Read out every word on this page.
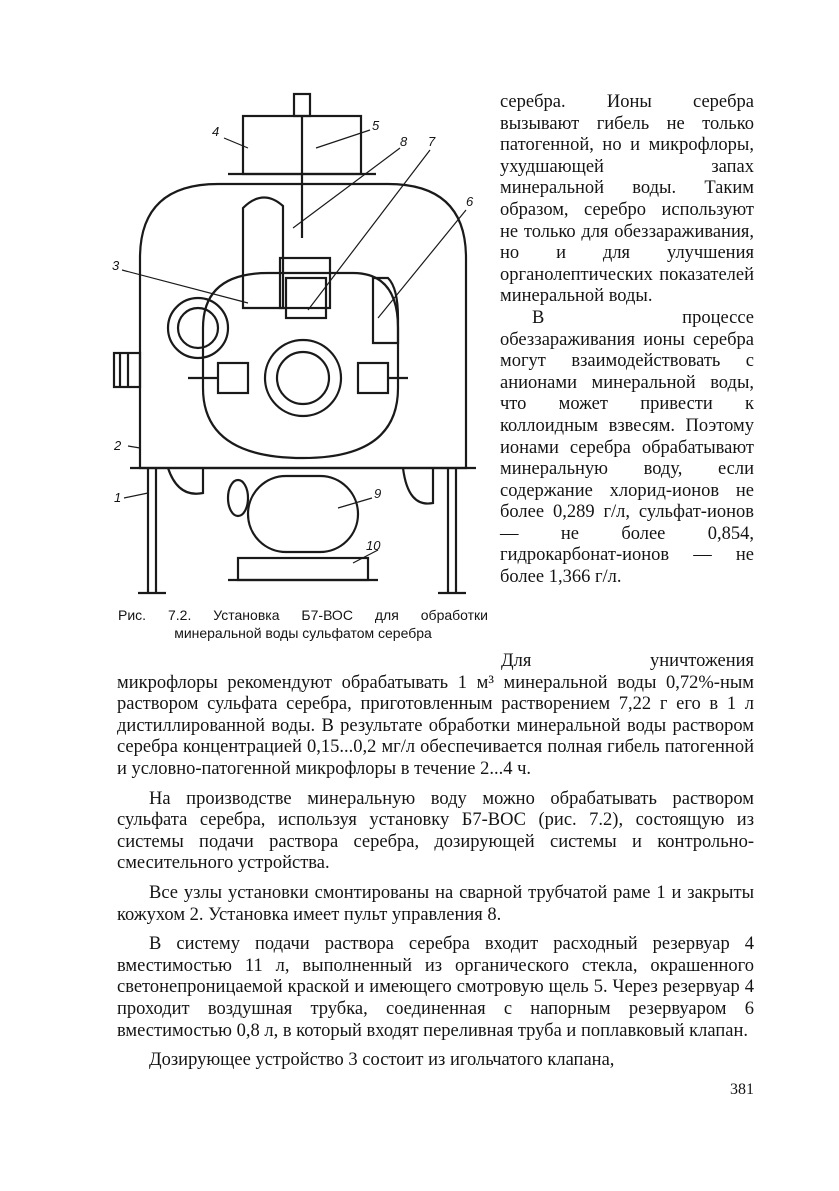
4	5
8 7
6
3
2
1	9
10
Рис. 7.2. Установка Б7-ВОС для обработки минеральной воды сульфатом серебра

серебра. Ионы серебра вызывают гибель не только патогенной, но и микрофлоры, ухудшающей запах минеральной воды. Таким образом, серебро используют не только для обеззараживания, но и для улучшения органолептических показателей минеральной воды.

В процессе обеззараживания ионы серебра могут взаимодействовать с анионами минеральной воды, что может привести к коллоидным взвесям. Поэтому ионами серебра обрабатывают минеральную воду, если содержание хлорид-ионов не более 0,289 г/л, сульфат-ионов — не более 0,854, гидрокарбонат-ионов — не более 1,366 г/л.

Для уничтожения
микрофлоры рекомендуют обрабатывать 1 м³ минеральной воды 0,72%-ным раствором сульфата серебра, приготовленным растворением 7,22 г его в 1 л дистиллированной воды. В результате обработки минеральной воды раствором серебра концентрацией 0,15...0,2 мг/л обеспечивается полная гибель патогенной и условно-патогенной микрофлоры в течение 2...4 ч.

На производстве минеральную воду можно обрабатывать раствором сульфата серебра, используя установку Б7-ВОС (рис. 7.2), состоящую из системы подачи раствора серебра, дозирующей системы и контрольно-смесительного устройства.

Все узлы установки смонтированы на сварной трубчатой раме 1 и закрыты кожухом 2. Установка имеет пульт управления 8.

В систему подачи раствора серебра входит расходный резервуар 4 вместимостью 11 л, выполненный из органического стекла, окрашенного светонепроницаемой краской и имеющего смотровую щель 5. Через резервуар 4 проходит воздушная трубка, соединенная с напорным резервуаром 6 вместимостью 0,8 л, в который входят переливная труба и поплавковый клапан.

Дозирующее устройство 3 состоит из игольчатого клапана,

381
